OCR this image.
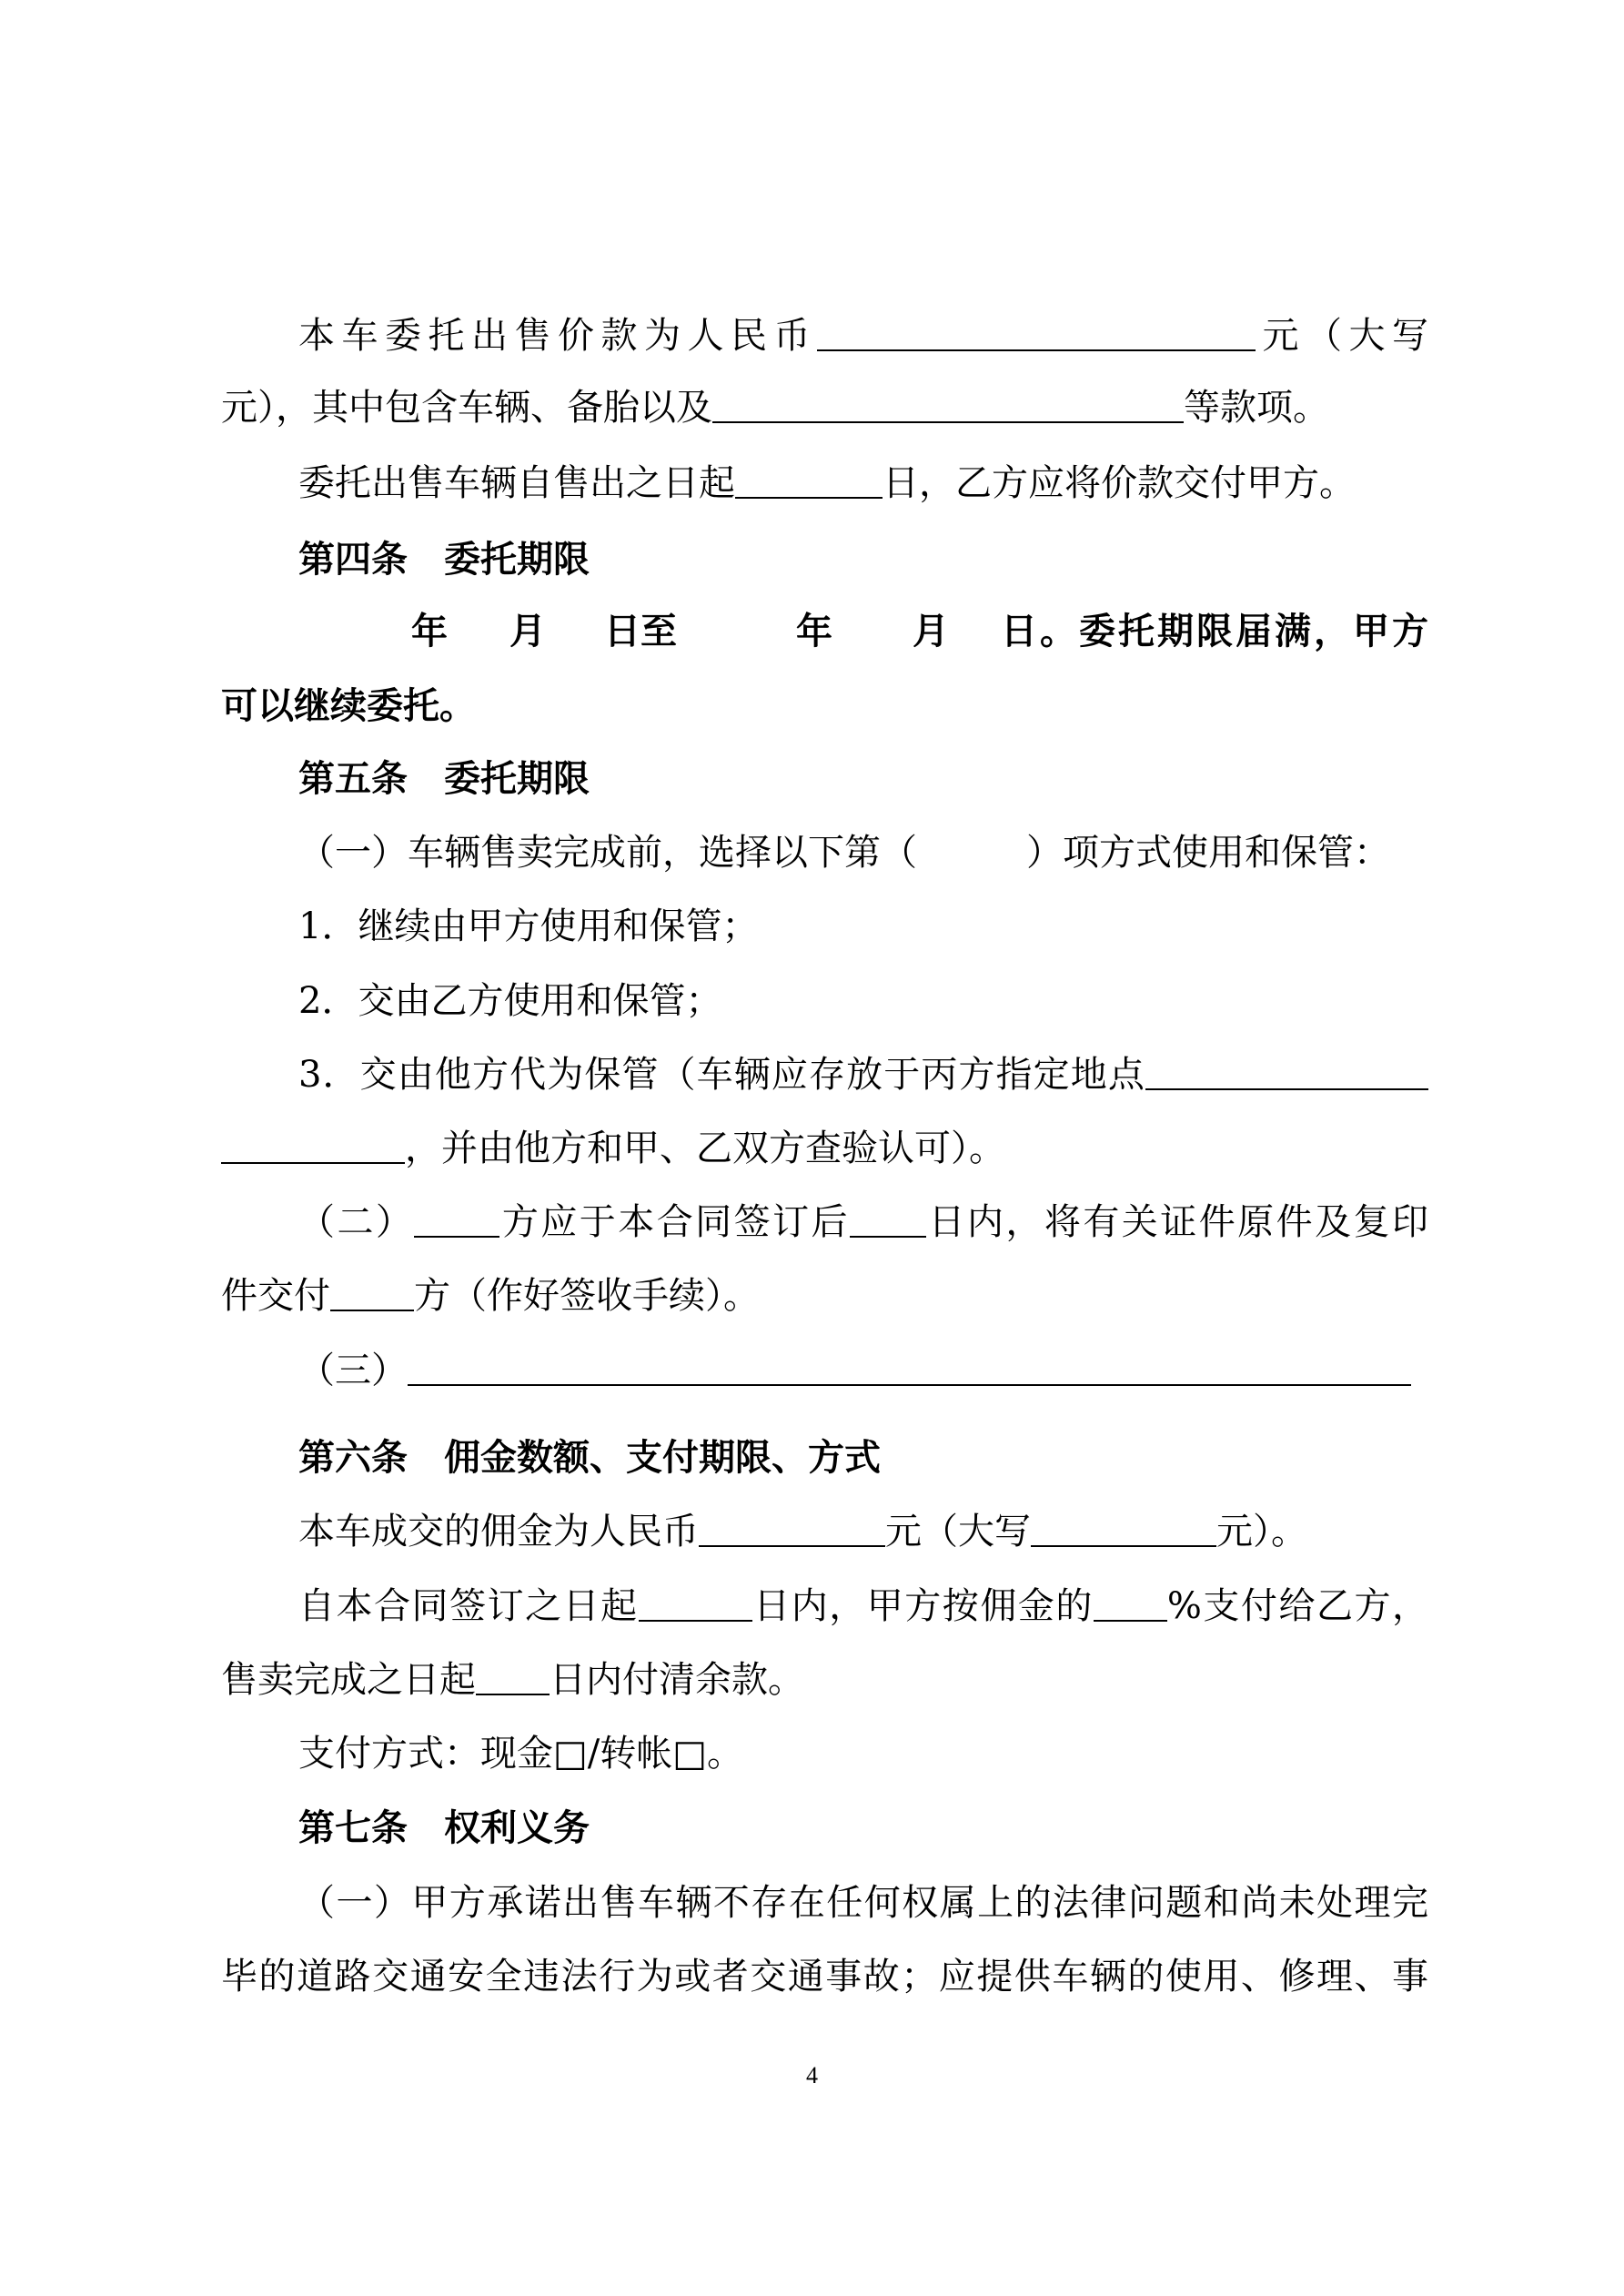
本车委托出售价款为人民币	元（大写
元），其中包含车辆、备胎以及	等款项。
委托出售车辆自售出之日起	日，乙方应将价款交付甲方。
第四条　委托期限
年 月 日至	年 月 日。委托期限届满，甲方
可以继续委托。
第五条　委托期限
（一）车辆售卖完成前，选择以下第（　　　）项方式使用和保管：
1．继续由甲方使用和保管；
2．交由乙方使用和保管；
3．交由他方代为保管（车辆应存放于丙方指定地点
，并由他方和甲、乙双方查验认可）。
（二） 方应于本合同签订后 日内，将有关证件原件及复印
件交付 方（作好签收手续）。
（三）
第六条　佣金数额、支付期限、方式
本车成交的佣金为人民币	元（大写	元）。
自本合同签订之日起	日内，甲方按佣金的 %支付给乙方，
售卖完成之日起 日内付清余款。
支付方式：现金□/转帐□。
第七条　权利义务
（一）甲方承诺出售车辆不存在任何权属上的法律问题和尚未处理完
毕的道路交通安全违法行为或者交通事故；应提供车辆的使用、修理、事
4
